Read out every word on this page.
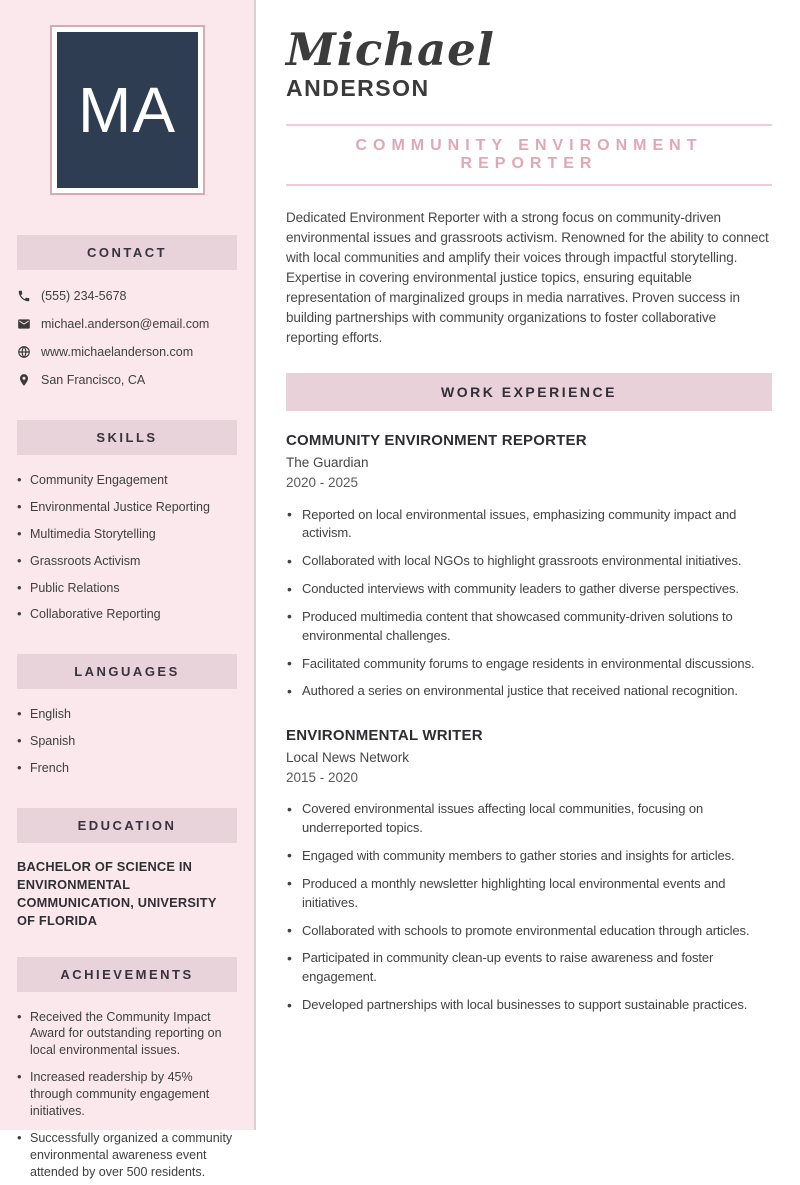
MA
CONTACT
(555) 234-5678
michael.anderson@email.com
www.michaelanderson.com
San Francisco, CA
SKILLS
• Community Engagement
• Environmental Justice Reporting
• Multimedia Storytelling
• Grassroots Activism
• Public Relations
• Collaborative Reporting
LANGUAGES
• English
• Spanish
• French
EDUCATION
BACHELOR OF SCIENCE IN ENVIRONMENTAL COMMUNICATION, UNIVERSITY OF FLORIDA
ACHIEVEMENTS
• Received the Community Impact Award for outstanding reporting on local environmental issues.
• Increased readership by 45% through community engagement initiatives.
• Successfully organized a community environmental awareness event attended by over 500 residents.
Michael
ANDERSON
COMMUNITY ENVIRONMENT REPORTER

Dedicated Environment Reporter with a strong focus on community-driven environmental issues and grassroots activism. Renowned for the ability to connect with local communities and amplify their voices through impactful storytelling. Expertise in covering environmental justice topics, ensuring equitable representation of marginalized groups in media narratives. Proven success in building partnerships with community organizations to foster collaborative reporting efforts.

WORK EXPERIENCE
COMMUNITY ENVIRONMENT REPORTER
The Guardian
2020 - 2025
• Reported on local environmental issues, emphasizing community impact and activism.
• Collaborated with local NGOs to highlight grassroots environmental initiatives.
• Conducted interviews with community leaders to gather diverse perspectives.
• Produced multimedia content that showcased community-driven solutions to environmental challenges.
• Facilitated community forums to engage residents in environmental discussions.
• Authored a series on environmental justice that received national recognition.
ENVIRONMENTAL WRITER
Local News Network
2015 - 2020
• Covered environmental issues affecting local communities, focusing on underreported topics.
• Engaged with community members to gather stories and insights for articles.
• Produced a monthly newsletter highlighting local environmental events and initiatives.
• Collaborated with schools to promote environmental education through articles.
• Participated in community clean-up events to raise awareness and foster engagement.
• Developed partnerships with local businesses to support sustainable practices.
